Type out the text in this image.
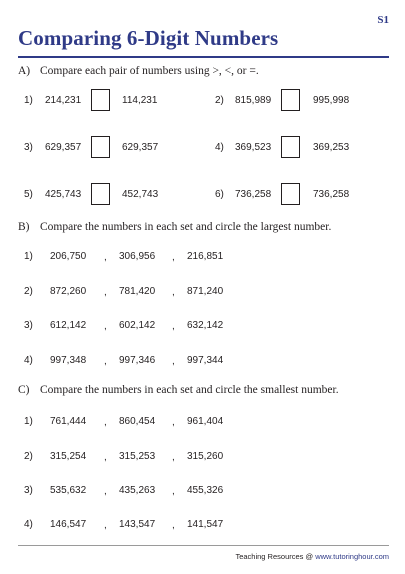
S1
Comparing 6-Digit Numbers
A) Compare each pair of numbers using >, <, or =.
1) 214,231	114,231	2) 815,989	995,998
3) 629,357	629,357	4) 369,523	369,253
5) 425,743	452,743	6) 736,258	736,258
B) Compare the numbers in each set and circle the largest number.
1) 206,750 , 306,956 , 216,851
2) 872,260 , 781,420 , 871,240
3) 612,142 , 602,142 , 632,142
4) 997,348 , 997,346 , 997,344
C) Compare the numbers in each set and circle the smallest number.
1) 761,444 , 860,454 , 961,404
2) 315,254 , 315,253 , 315,260
3) 535,632 , 435,263 , 455,326
4) 146,547 , 143,547 , 141,547
Teaching Resources @ www.tutoringhour.com
